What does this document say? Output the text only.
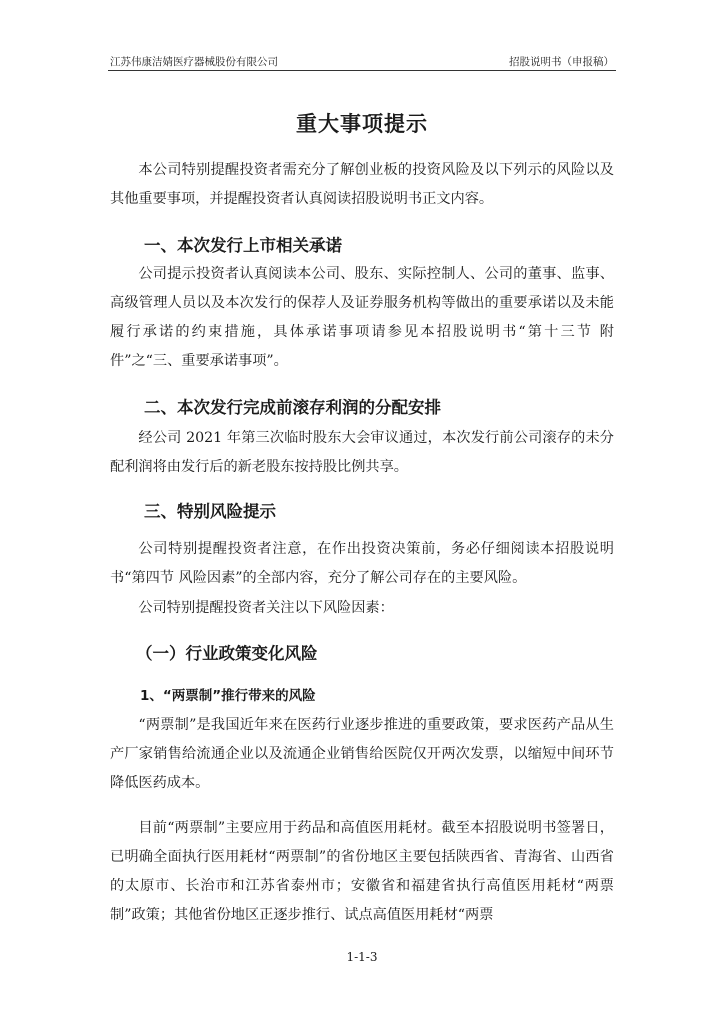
江苏伟康洁婧医疗器械股份有限公司	招股说明书（申报稿）
重大事项提示

本公司特别提醒投资者需充分了解创业板的投资风险及以下列示的风险以及其他重要事项，并提醒投资者认真阅读招股说明书正文内容。

一、本次发行上市相关承诺

公司提示投资者认真阅读本公司、股东、实际控制人、公司的董事、监事、高级管理人员以及本次发行的保荐人及证券服务机构等做出的重要承诺以及未能履行承诺的约束措施，具体承诺事项请参见本招股说明书“第十三节 附件”之“三、重要承诺事项”。

二、本次发行完成前滚存利润的分配安排

经公司 2021 年第三次临时股东大会审议通过，本次发行前公司滚存的未分配利润将由发行后的新老股东按持股比例共享。

三、特别风险提示

公司特别提醒投资者注意，在作出投资决策前，务必仔细阅读本招股说明书“第四节 风险因素”的全部内容，充分了解公司存在的主要风险。

公司特别提醒投资者关注以下风险因素：

（一）行业政策变化风险
1、“两票制”推行带来的风险

“两票制”是我国近年来在医药行业逐步推进的重要政策，要求医药产品从生产厂家销售给流通企业以及流通企业销售给医院仅开两次发票，以缩短中间环节降低医药成本。

目前“两票制”主要应用于药品和高值医用耗材。截至本招股说明书签署日，已明确全面执行医用耗材“两票制”的省份地区主要包括陕西省、青海省、山西省的太原市、长治市和江苏省泰州市；安徽省和福建省执行高值医用耗材“两票制”政策；其他省份地区正逐步推行、试点高值医用耗材“两票

1-1-3
